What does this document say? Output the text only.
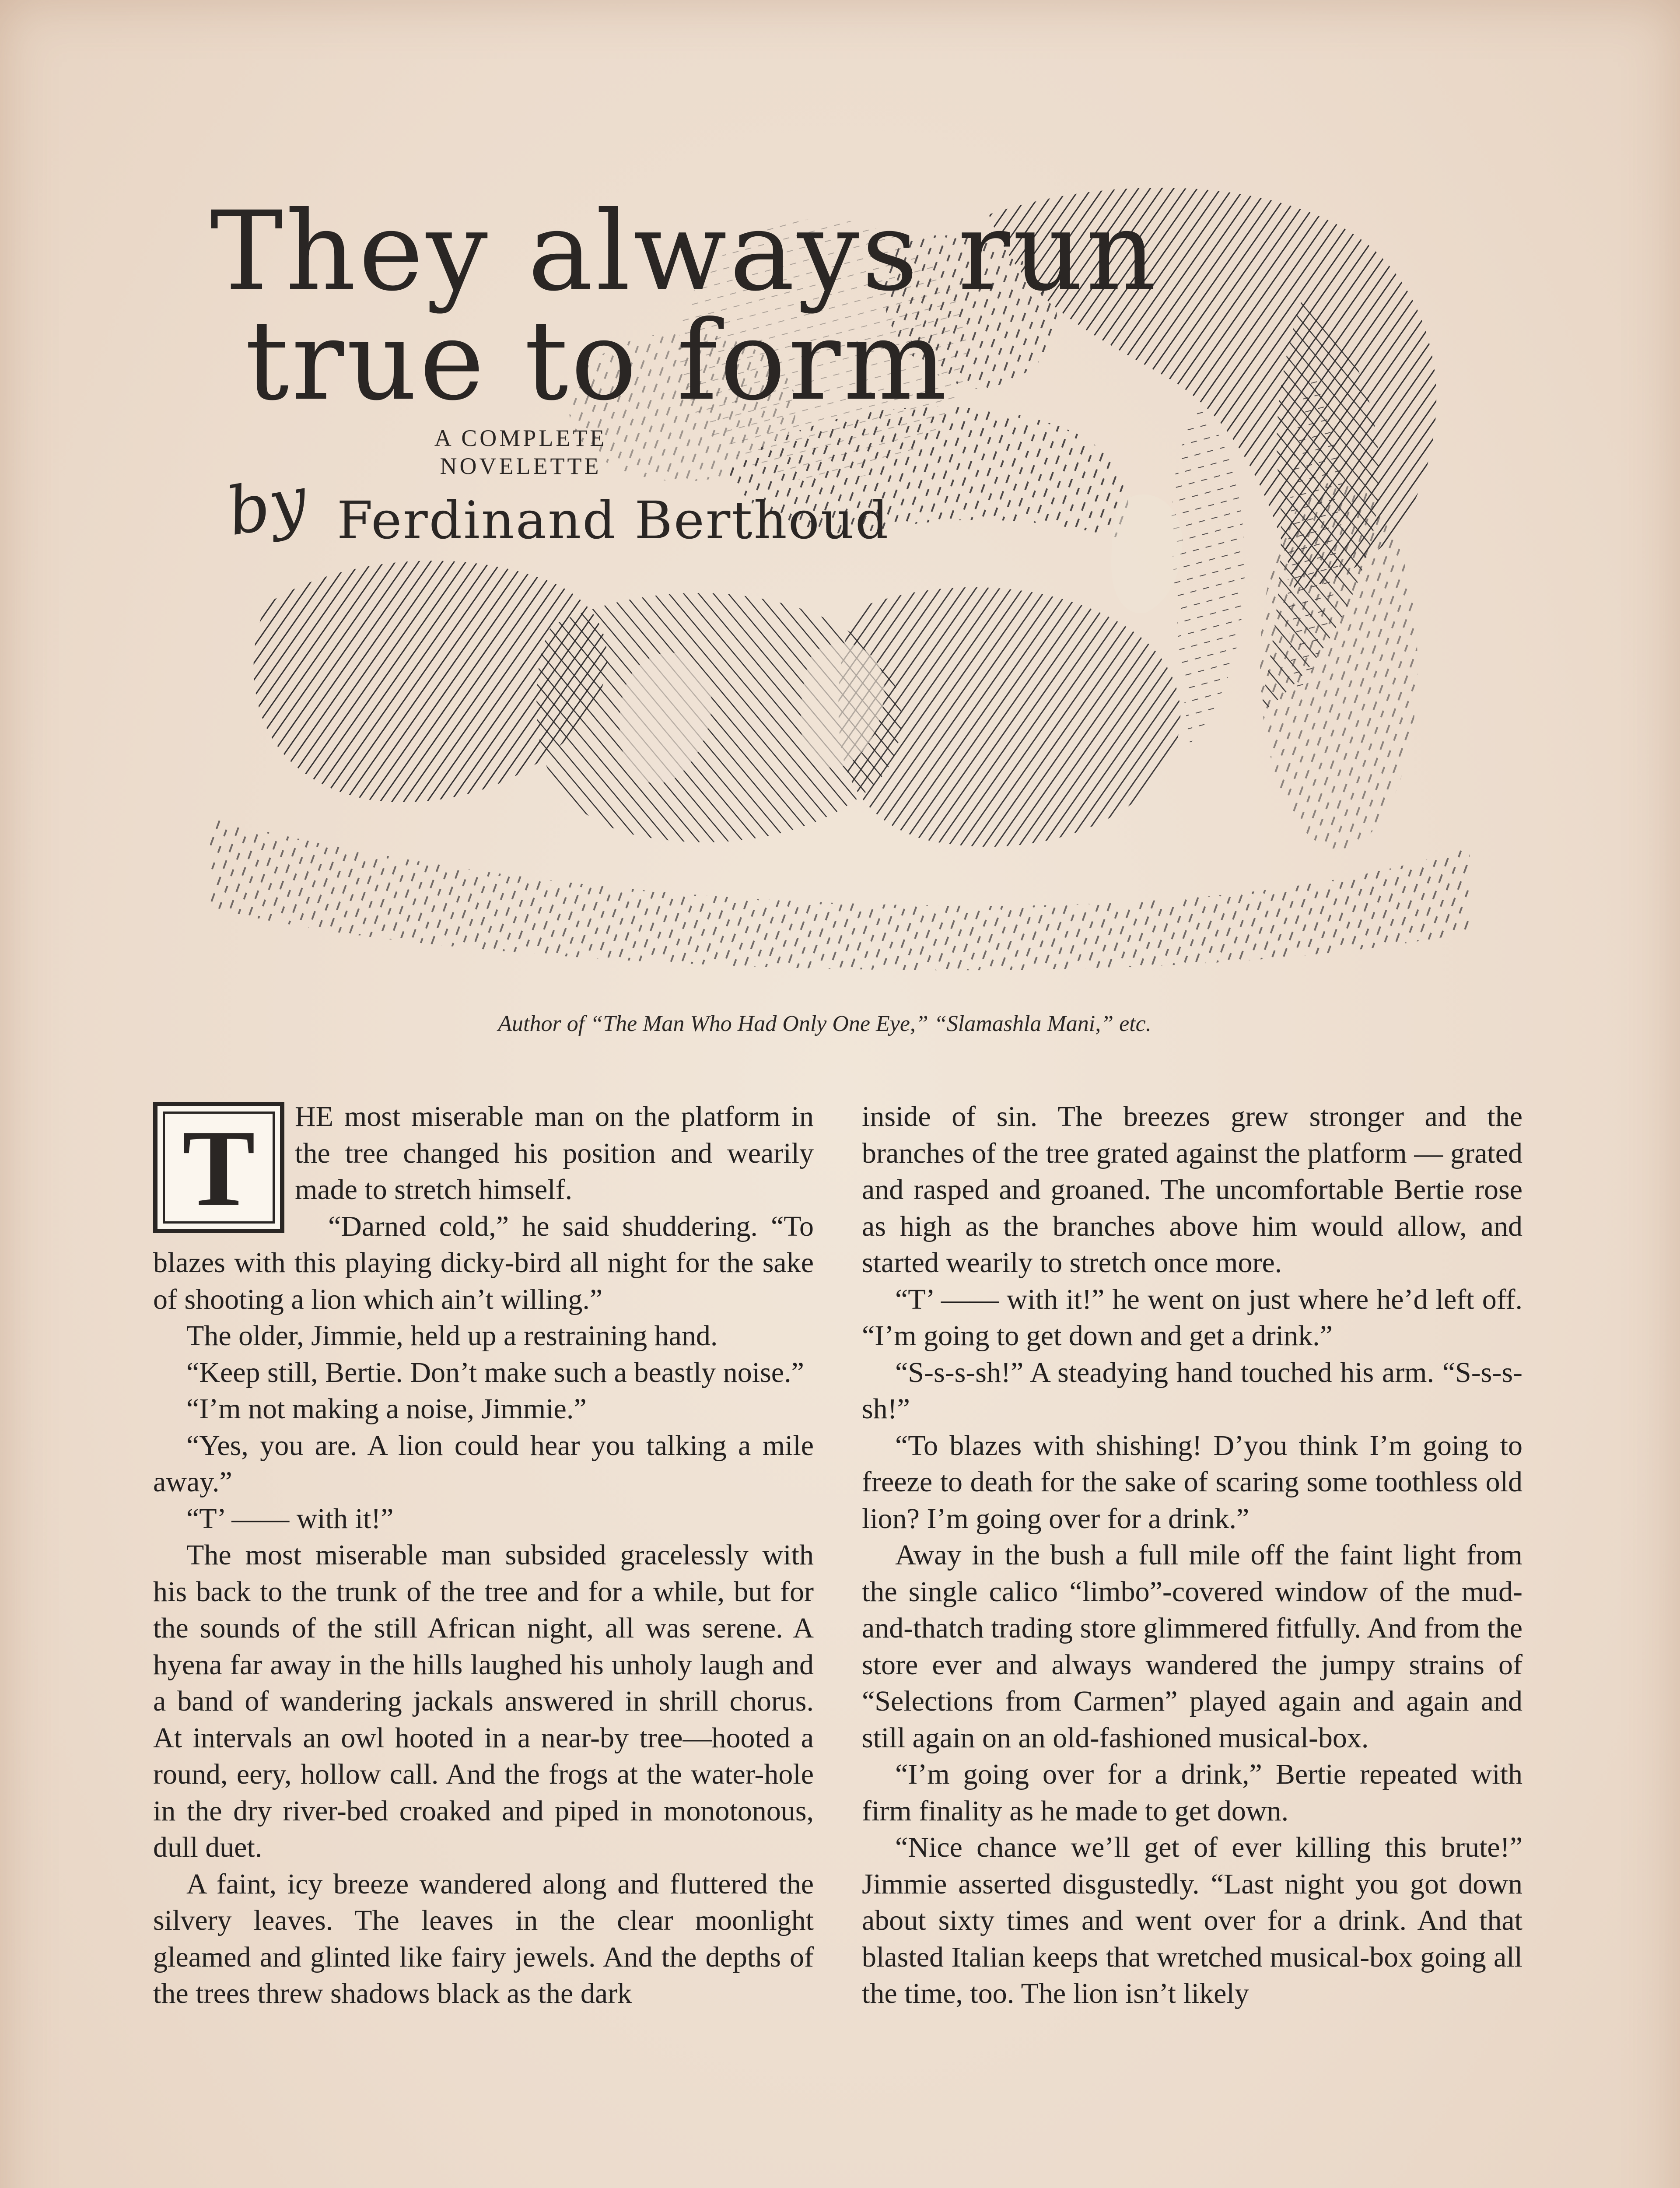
They always run
true to form
A COMPLETE
NOVELETTE
by Ferdinand Berthoud
Author of “The Man Who Had Only One Eye,” “Slamashla Mani,” etc.

T	HE most miserable man on the platform in the tree changed his position and wearily made to stretch himself.

“Darned cold,” he said shuddering. “To blazes with this playing dicky-bird all night for the sake of shooting a lion which ain’t willing.”

The older, Jimmie, held up a restraining hand.

“Keep still, Bertie. Don’t make such a beastly noise.”

“I’m not making a noise, Jimmie.”

“Yes, you are. A lion could hear you talking a mile away.”

“T’ —— with it!”

The most miserable man subsided gracelessly with his back to the trunk of the tree and for a while, but for the sounds of the still African night, all was serene. A hyena far away in the hills laughed his unholy laugh and a band of wandering jackals answered in shrill chorus. At intervals an owl hooted in a near-by tree—hooted a round, eery, hollow call. And the frogs at the water-hole in the dry river-bed croaked and piped in monotonous, dull duet.

A faint, icy breeze wandered along and fluttered the silvery leaves. The leaves in the clear moonlight gleamed and glinted like fairy jewels. And the depths of the trees threw shadows black as the dark

inside of sin. The breezes grew stronger and the branches of the tree grated against the platform — grated and rasped and groaned. The uncomfortable Bertie rose as high as the branches above him would allow, and started wearily to stretch once more.

“T’ —— with it!” he went on just where he’d left off. “I’m going to get down and get a drink.”

“S-s-s-sh!” A steadying hand touched his arm. “S-s-s-sh!”

“To blazes with shishing! D’you think I’m going to freeze to death for the sake of scaring some toothless old lion? I’m going over for a drink.”

Away in the bush a full mile off the faint light from the single calico “limbo”-covered window of the mud-and-thatch trading store glimmered fitfully. And from the store ever and always wandered the jumpy strains of “Selections from Carmen” played again and again and still again on an old-fashioned musical-box.

“I’m going over for a drink,” Bertie repeated with firm finality as he made to get down.

“Nice chance we’ll get of ever killing this brute!” Jimmie asserted disgustedly. “Last night you got down about sixty times and went over for a drink. And that blasted Italian keeps that wretched musical-box going all the time, too. The lion isn’t likely
